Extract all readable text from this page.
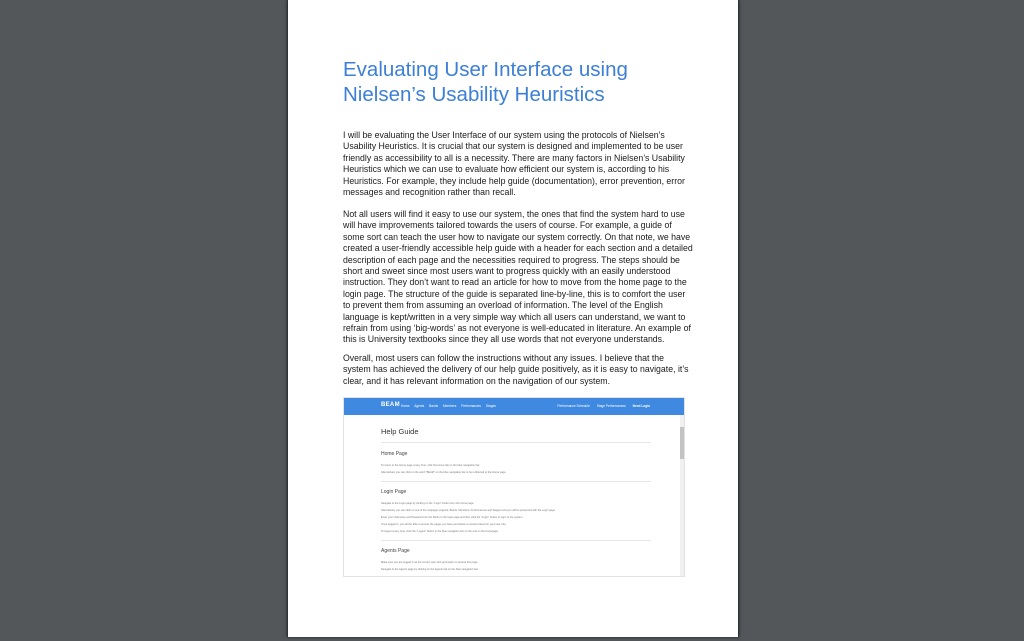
Evaluating User Interface using Nielsen’s Usability Heuristics

I will be evaluating the User Interface of our system using the protocols of Nielsen’s Usability Heuristics. It is crucial that our system is designed and implemented to be user friendly as accessibility to all is a necessity. There are many factors in Nielsen’s Usability Heuristics which we can use to evaluate how efficient our system is, according to his Heuristics. For example, they include help guide (documentation), error prevention, error messages and recognition rather than recall.

Not all users will find it easy to use our system, the ones that find the system hard to use will have improvements tailored towards the users of course. For example, a guide of some sort can teach the user how to navigate our system correctly. On that note, we have created a user-friendly accessible help guide with a header for each section and a detailed description of each page and the necessities required to progress. The steps should be short and sweet since most users want to progress quickly with an easily understood instruction. They don’t want to read an article for how to move from the home page to the login page. The structure of the guide is separated line-by-line, this is to comfort the user to prevent them from assuming an overload of information. The level of the English language is kept/written in a very simple way which all users can understand, we want to refrain from using ‘big-words’ as not everyone is well-educated in literature. An example of this is University textbooks since they all use words that not everyone understands.

Overall, most users can follow the instructions without any issues. I believe that the system has achieved the delivery of our help guide positively, as it is easy to navigate, it’s clear, and it has relevant information on the navigation of our system.

BEAM Home Agents Bands Members Performances Stages	Performance Schedule Stage Performances Need Login
Help Guide
Home Page
To return to the Home page at any time, click the Home tab on the blue navigation bar.
Alternatively you can click on the word "BEAM" on the blue navigation bar to be redirected to the Home page.
Login Page
Navigate to the Login page by clicking on the "Login" button from the home page.
Alternatively you can click on one of the subpages (Agents, Bands, Members, Performances and Stages) and you will be presented with the Login page.
Enter your Username and Password into the fields on the login page and then click the "Login" button to login to the system.
Once logged in, you will be able to access the pages you have permission to access based on your user role.
To logout at any time, click the "Logout" button in the blue navigation bar on the end on the homepage.
Agents Page
Make sure you are logged in as the correct user with permission to access this page.
Navigate to the Agents page by clicking on the Agents tab on the blue navigation bar.
